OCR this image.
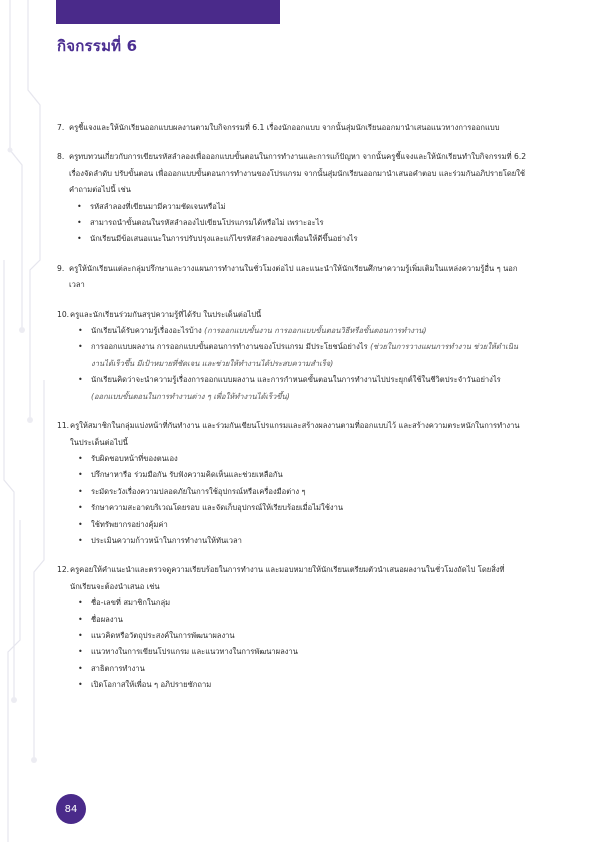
กิจกรรมที่ 6
7. ครูชี้แจงและให้นักเรียนออกแบบผลงานตามใบกิจกรรมที่ 6.1 เรื่องนักออกแบบ จากนั้นสุ่มนักเรียนออกมานำเสนอแนวทางการออกแบบ
8. ครูทบทวนเกี่ยวกับการเขียนรหัสลำลองเพื่อออกแบบขั้นตอนในการทำงานและการแก้ปัญหา จากนั้นครูชี้แจงและให้นักเรียนทำใบกิจกรรมที่ 6.2 เรื่องจัดลำดับ ปรับขั้นตอน เพื่อออกแบบขั้นตอนการทำงานของโปรแกรม จากนั้นสุ่มนักเรียนออกมานำเสนอคำตอบ และร่วมกันอภิปรายโดยใช้คำถามต่อไปนี้ เช่น
• รหัสลำลองที่เขียนมามีความชัดเจนหรือไม่
• สามารถนำขั้นตอนในรหัสลำลองไปเขียนโปรแกรมได้หรือไม่ เพราะอะไร
• นักเรียนมีข้อเสนอแนะในการปรับปรุงและแก้ไขรหัสลำลองของเพื่อนให้ดีขึ้นอย่างไร
9. ครูให้นักเรียนแต่ละกลุ่มปรึกษาและวางแผนการทำงานในชั่วโมงต่อไป และแนะนำให้นักเรียนศึกษาความรู้เพิ่มเติมในแหล่งความรู้อื่น ๆ นอกเวลา
10. ครูและนักเรียนร่วมกันสรุปความรู้ที่ได้รับ ในประเด็นต่อไปนี้
• นักเรียนได้รับความรู้เรื่องอะไรบ้าง (การออกแบบขั้นงาน การออกแบบขั้นตอนวิธีหรือขั้นตอนการทำงาน)
• การออกแบบผลงาน การออกแบบขั้นตอนการทำงานของโปรแกรม มีประโยชน์อย่างไร (ช่วยในการวางแผนการทำงาน ช่วยให้ดำเนินงานได้เร็วขึ้น มีเป้าหมายที่ชัดเจน และช่วยให้ทำงานได้ประสบความสำเร็จ)
• นักเรียนคิดว่าจะนำความรู้เรื่องการออกแบบผลงาน และการกำหนดขั้นตอนในการทำงานไปประยุกต์ใช้ในชีวิตประจำวันอย่างไร (ออกแบบขั้นตอนในการทำงานต่าง ๆ เพื่อให้ทำงานได้เร็วขึ้น)
11. ครูให้สมาชิกในกลุ่มแบ่งหน้าที่กันทำงาน และร่วมกันเขียนโปรแกรมและสร้างผลงานตามที่ออกแบบไว้ และสร้างความตระหนักในการทำงานในประเด็นต่อไปนี้
• รับผิดชอบหน้าที่ของตนเอง
• ปรึกษาหารือ ร่วมมือกัน รับฟังความคิดเห็นและช่วยเหลือกัน
• ระมัดระวังเรื่องความปลอดภัยในการใช้อุปกรณ์หรือเครื่องมือต่าง ๆ
• รักษาความสะอาดบริเวณโดยรอบ และจัดเก็บอุปกรณ์ให้เรียบร้อยเมื่อไม่ใช้งาน
• ใช้ทรัพยากรอย่างคุ้มค่า
• ประเมินความก้าวหน้าในการทำงานให้ทันเวลา
12. ครูคอยให้คำแนะนำและตรวจดูความเรียบร้อยในการทำงาน และมอบหมายให้นักเรียนเตรียมตัวนำเสนอผลงานในชั่วโมงถัดไป โดยสิ่งที่นักเรียนจะต้องนำเสนอ เช่น
• ชื่อ-เลขที่ สมาชิกในกลุ่ม
• ชื่อผลงาน
• แนวคิดหรือวัตถุประสงค์ในการพัฒนาผลงาน
• แนวทางในการเขียนโปรแกรม และแนวทางในการพัฒนาผลงาน
• สาธิตการทำงาน
• เปิดโอกาสให้เพื่อน ๆ อภิปรายซักถาม
84
